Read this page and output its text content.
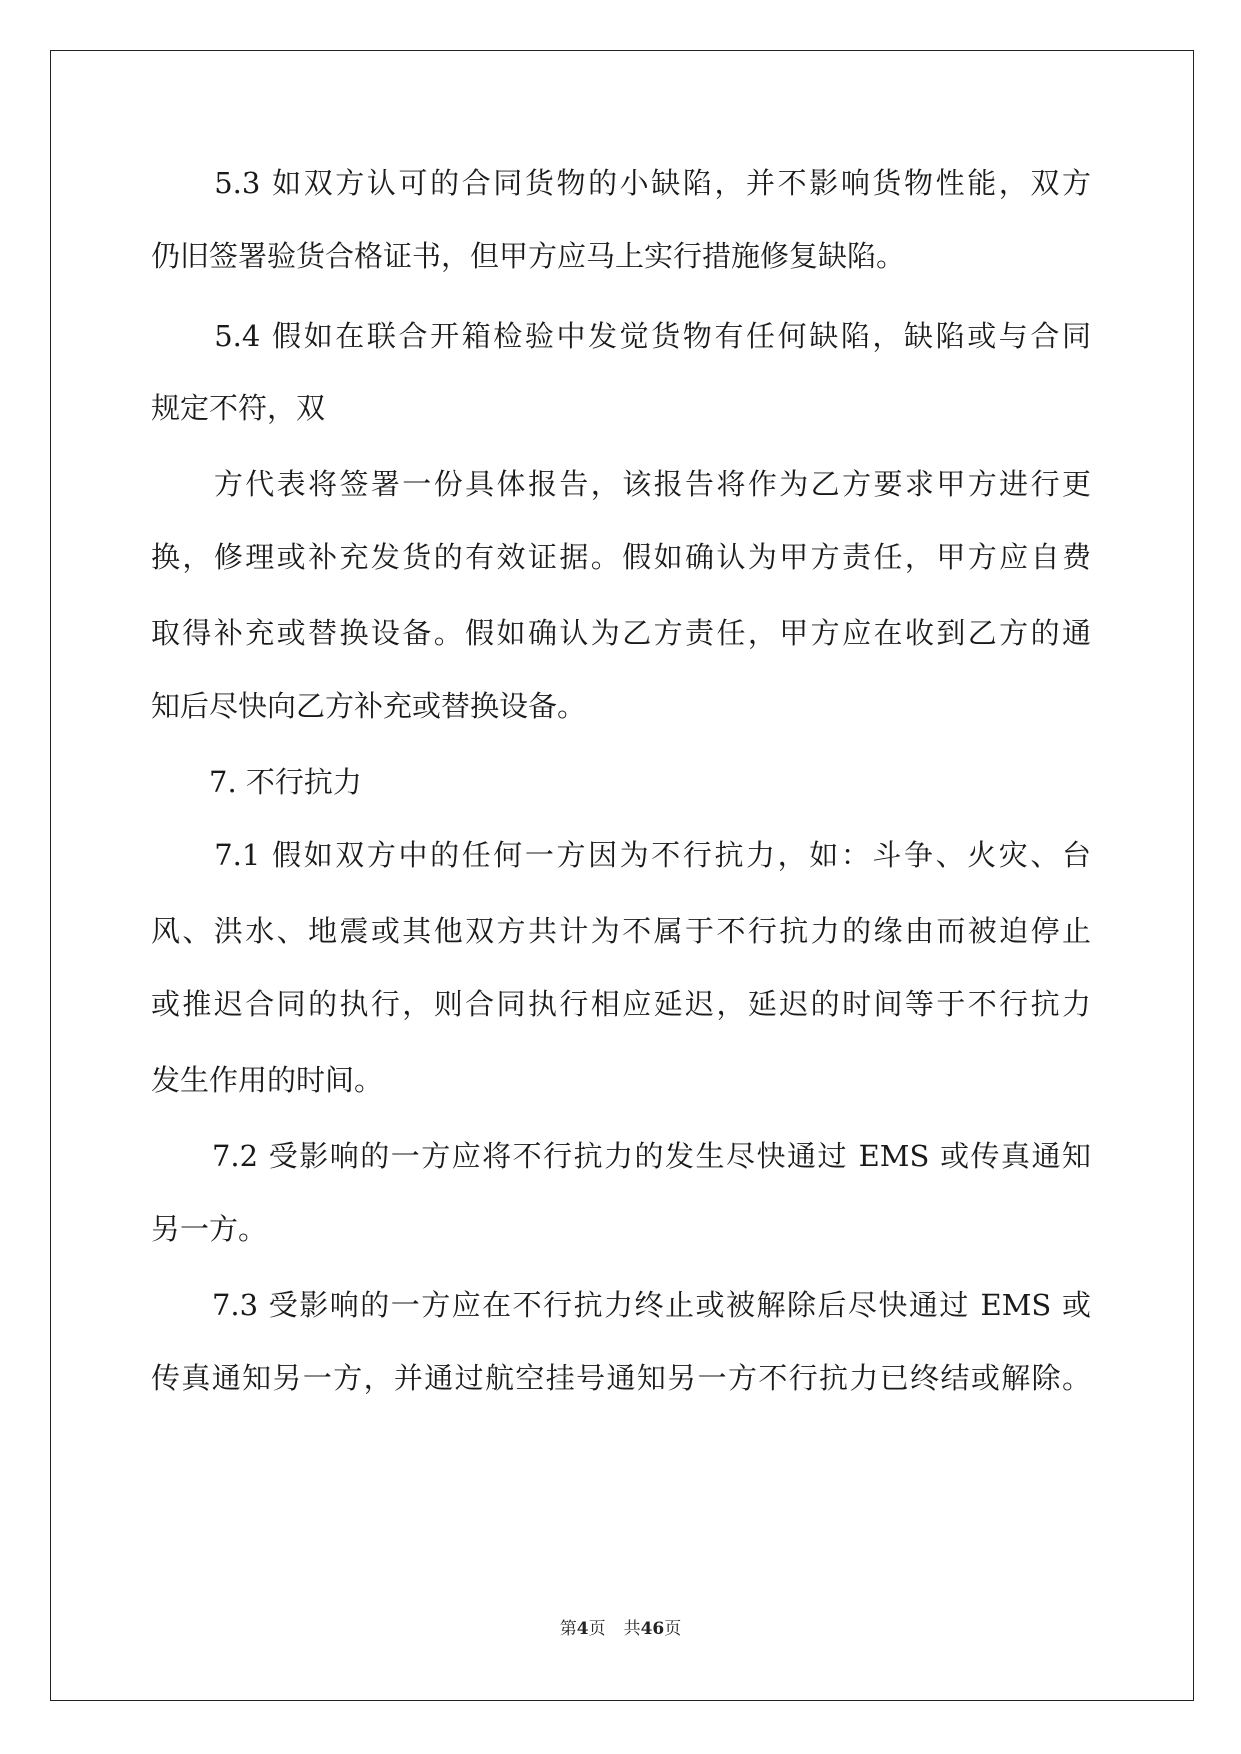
　　5.3 如双方认可的合同货物的小缺陷，并不影响货物性能，双方
仍旧签署验货合格证书，但甲方应马上实行措施修复缺陷。
　　5.4 假如在联合开箱检验中发觉货物有任何缺陷，缺陷或与合同
规定不符，双
　　方代表将签署一份具体报告，该报告将作为乙方要求甲方进行更
换，修理或补充发货的有效证据。假如确认为甲方责任，甲方应自费
取得补充或替换设备。假如确认为乙方责任，甲方应在收到乙方的通
知后尽快向乙方补充或替换设备。
　　7. 不行抗力
　　7.1 假如双方中的任何一方因为不行抗力，如：斗争、火灾、台
风、洪水、地震或其他双方共计为不属于不行抗力的缘由而被迫停止
或推迟合同的执行，则合同执行相应延迟，延迟的时间等于不行抗力
发生作用的时间。
　　7.2 受影响的一方应将不行抗力的发生尽快通过 EMS 或传真通知
另一方。
　　7.3 受影响的一方应在不行抗力终止或被解除后尽快通过 EMS 或
传真通知另一方，并通过航空挂号通知另一方不行抗力已终结或解除。
第4页 共46页
